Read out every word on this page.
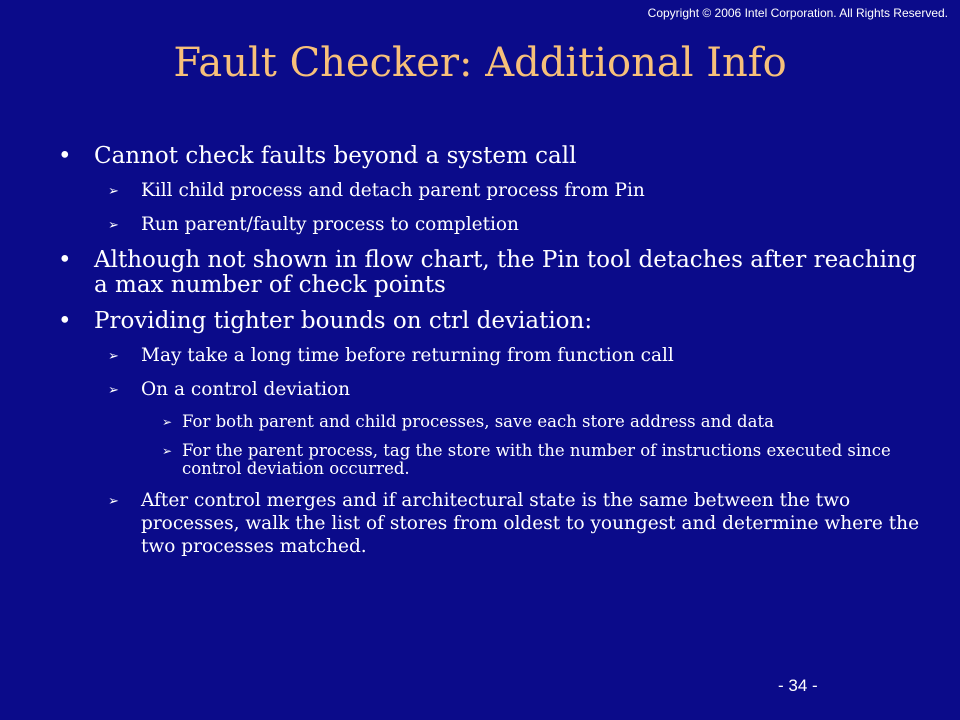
Copyright © 2006 Intel Corporation. All Rights Reserved.
Fault Checker: Additional Info
• Cannot check faults beyond a system call
➢ Kill child process and detach parent process from Pin
➢ Run parent/faulty process to completion
• Although not shown in flow chart, the Pin tool detaches after reaching a max number of check points
• Providing tighter bounds on ctrl deviation:
➢ May take a long time before returning from function call
➢ On a control deviation
➢ For both parent and child processes, save each store address and data
➢ For the parent process, tag the store with the number of instructions executed since control deviation occurred.
➢ After control merges and if architectural state is the same between the two processes, walk the list of stores from oldest to youngest and determine where the two processes matched.
- 34 -
